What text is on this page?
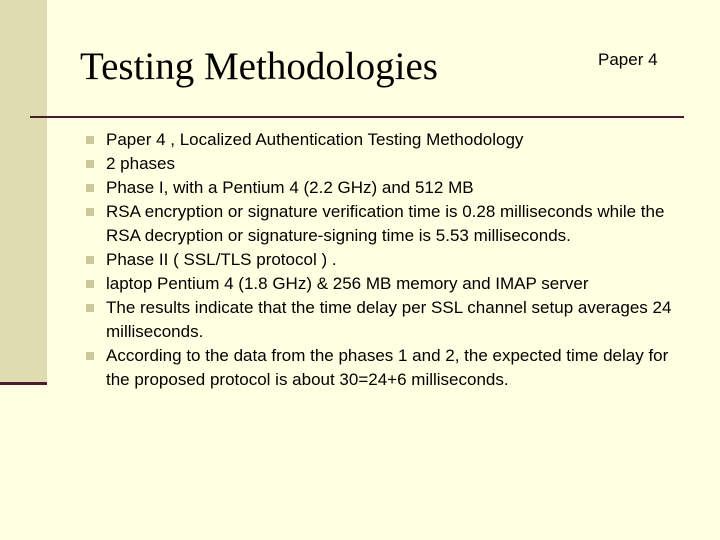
Testing Methodologies	Paper 4
Paper 4 , Localized Authentication Testing Methodology
2 phases
Phase I, with a Pentium 4 (2.2 GHz) and 512 MB
RSA encryption or signature verification time is 0.28 milliseconds while the RSA decryption or signature-signing time is 5.53 milliseconds.
Phase II ( SSL/TLS protocol ) .
laptop Pentium 4 (1.8 GHz) & 256 MB memory and IMAP server
The results indicate that the time delay per SSL channel setup averages 24 milliseconds.
According to the data from the phases 1 and 2, the expected time delay for the proposed protocol is about 30=24+6 milliseconds.
